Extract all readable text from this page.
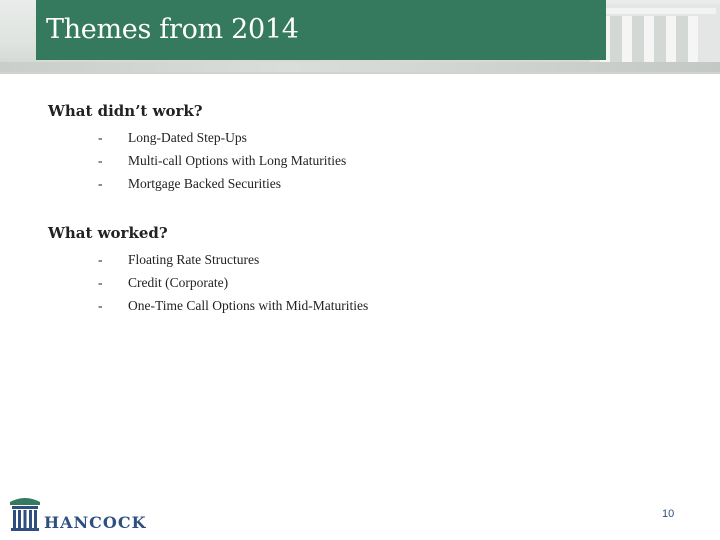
Themes from 2014
What didn’t work?
-	Long-Dated Step-Ups
-	Multi-call Options with Long Maturities
-	Mortgage Backed Securities
What worked?
-	Floating Rate Structures
-	Credit (Corporate)
-	One-Time Call Options with Mid-Maturities
HANCOCK	10
